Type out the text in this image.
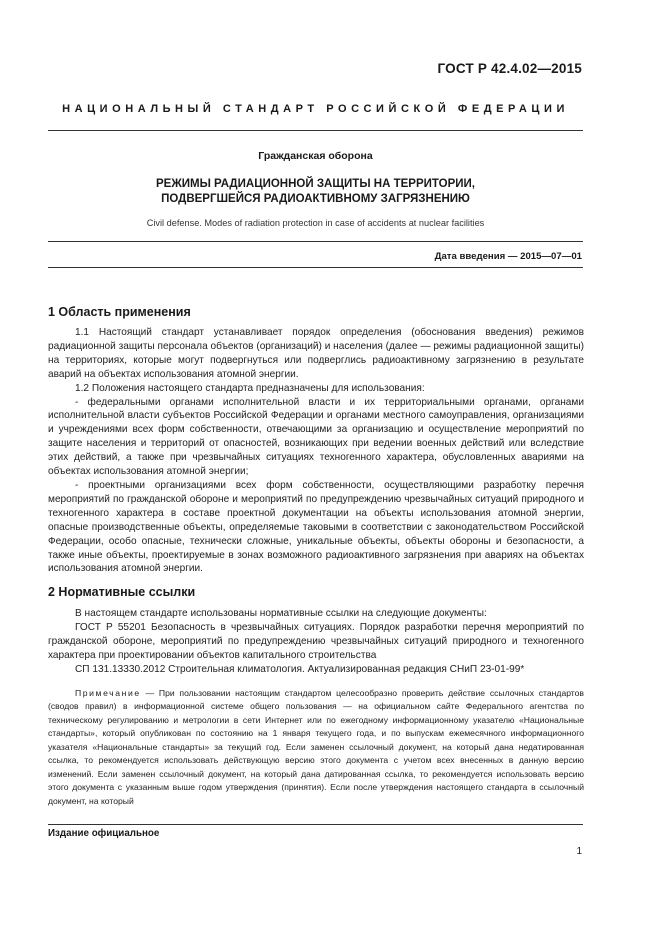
ГОСТ Р 42.4.02—2015
НАЦИОНАЛЬНЫЙ СТАНДАРТ РОССИЙСКОЙ ФЕДЕРАЦИИ
Гражданская оборона
РЕЖИМЫ РАДИАЦИОННОЙ ЗАЩИТЫ НА ТЕРРИТОРИИ,
ПОДВЕРГШЕЙСЯ РАДИОАКТИВНОМУ ЗАГРЯЗНЕНИЮ
Civil defense. Modes of radiation protection in case of accidents at nuclear facilities
Дата введения — 2015—07—01
1 Область применения

1.1 Настоящий стандарт устанавливает порядок определения (обоснования введения) режимов радиационной защиты персонала объектов (организаций) и населения (далее — режимы радиационной защиты) на территориях, которые могут подвергнуться или подверглись радиоактивному загрязнению в результате аварий на объектах использования атомной энергии.

1.2 Положения настоящего стандарта предназначены для использования:

- федеральными органами исполнительной власти и их территориальными органами, органами исполнительной власти субъектов Российской Федерации и органами местного самоуправления, организациями и учреждениями всех форм собственности, отвечающими за организацию и осуществление мероприятий по защите населения и территорий от опасностей, возникающих при ведении военных действий или вследствие этих действий, а также при чрезвычайных ситуациях техногенного характера, обусловленных авариями на объектах использования атомной энергии;

- проектными организациями всех форм собственности, осуществляющими разработку перечня мероприятий по гражданской обороне и мероприятий по предупреждению чрезвычайных ситуаций природного и техногенного характера в составе проектной документации на объекты использования атомной энергии, опасные производственные объекты, определяемые таковыми в соответствии с законодательством Российской Федерации, особо опасные, технически сложные, уникальные объекты, объекты обороны и безопасности, а также иные объекты, проектируемые в зонах возможного радиоактивного загрязнения при авариях на объектах использования атомной энергии.

2 Нормативные ссылки

В настоящем стандарте использованы нормативные ссылки на следующие документы:

ГОСТ Р 55201 Безопасность в чрезвычайных ситуациях. Порядок разработки перечня мероприятий по гражданской обороне, мероприятий по предупреждению чрезвычайных ситуаций природного и техногенного характера при проектировании объектов капитального строительства

СП 131.13330.2012 Строительная климатология. Актуализированная редакция СНиП 23-01-99*

Примечание — При пользовании настоящим стандартом целесообразно проверить действие ссылочных стандартов (сводов правил) в информационной системе общего пользования — на официальном сайте Федерального агентства по техническому регулированию и метрологии в сети Интернет или по ежегодному информационному указателю «Национальные стандарты», который опубликован по состоянию на 1 января текущего года, и по выпускам ежемесячного информационного указателя «Национальные стандарты» за текущий год. Если заменен ссылочный документ, на который дана недатированная ссылка, то рекомендуется использовать действующую версию этого документа с учетом всех внесенных в данную версию изменений. Если заменен ссылочный документ, на который дана датированная ссылка, то рекомендуется использовать версию этого документа с указанным выше годом утверждения (принятия). Если после утверждения настоящего стандарта в ссылочный документ, на который

Издание официальное
1
